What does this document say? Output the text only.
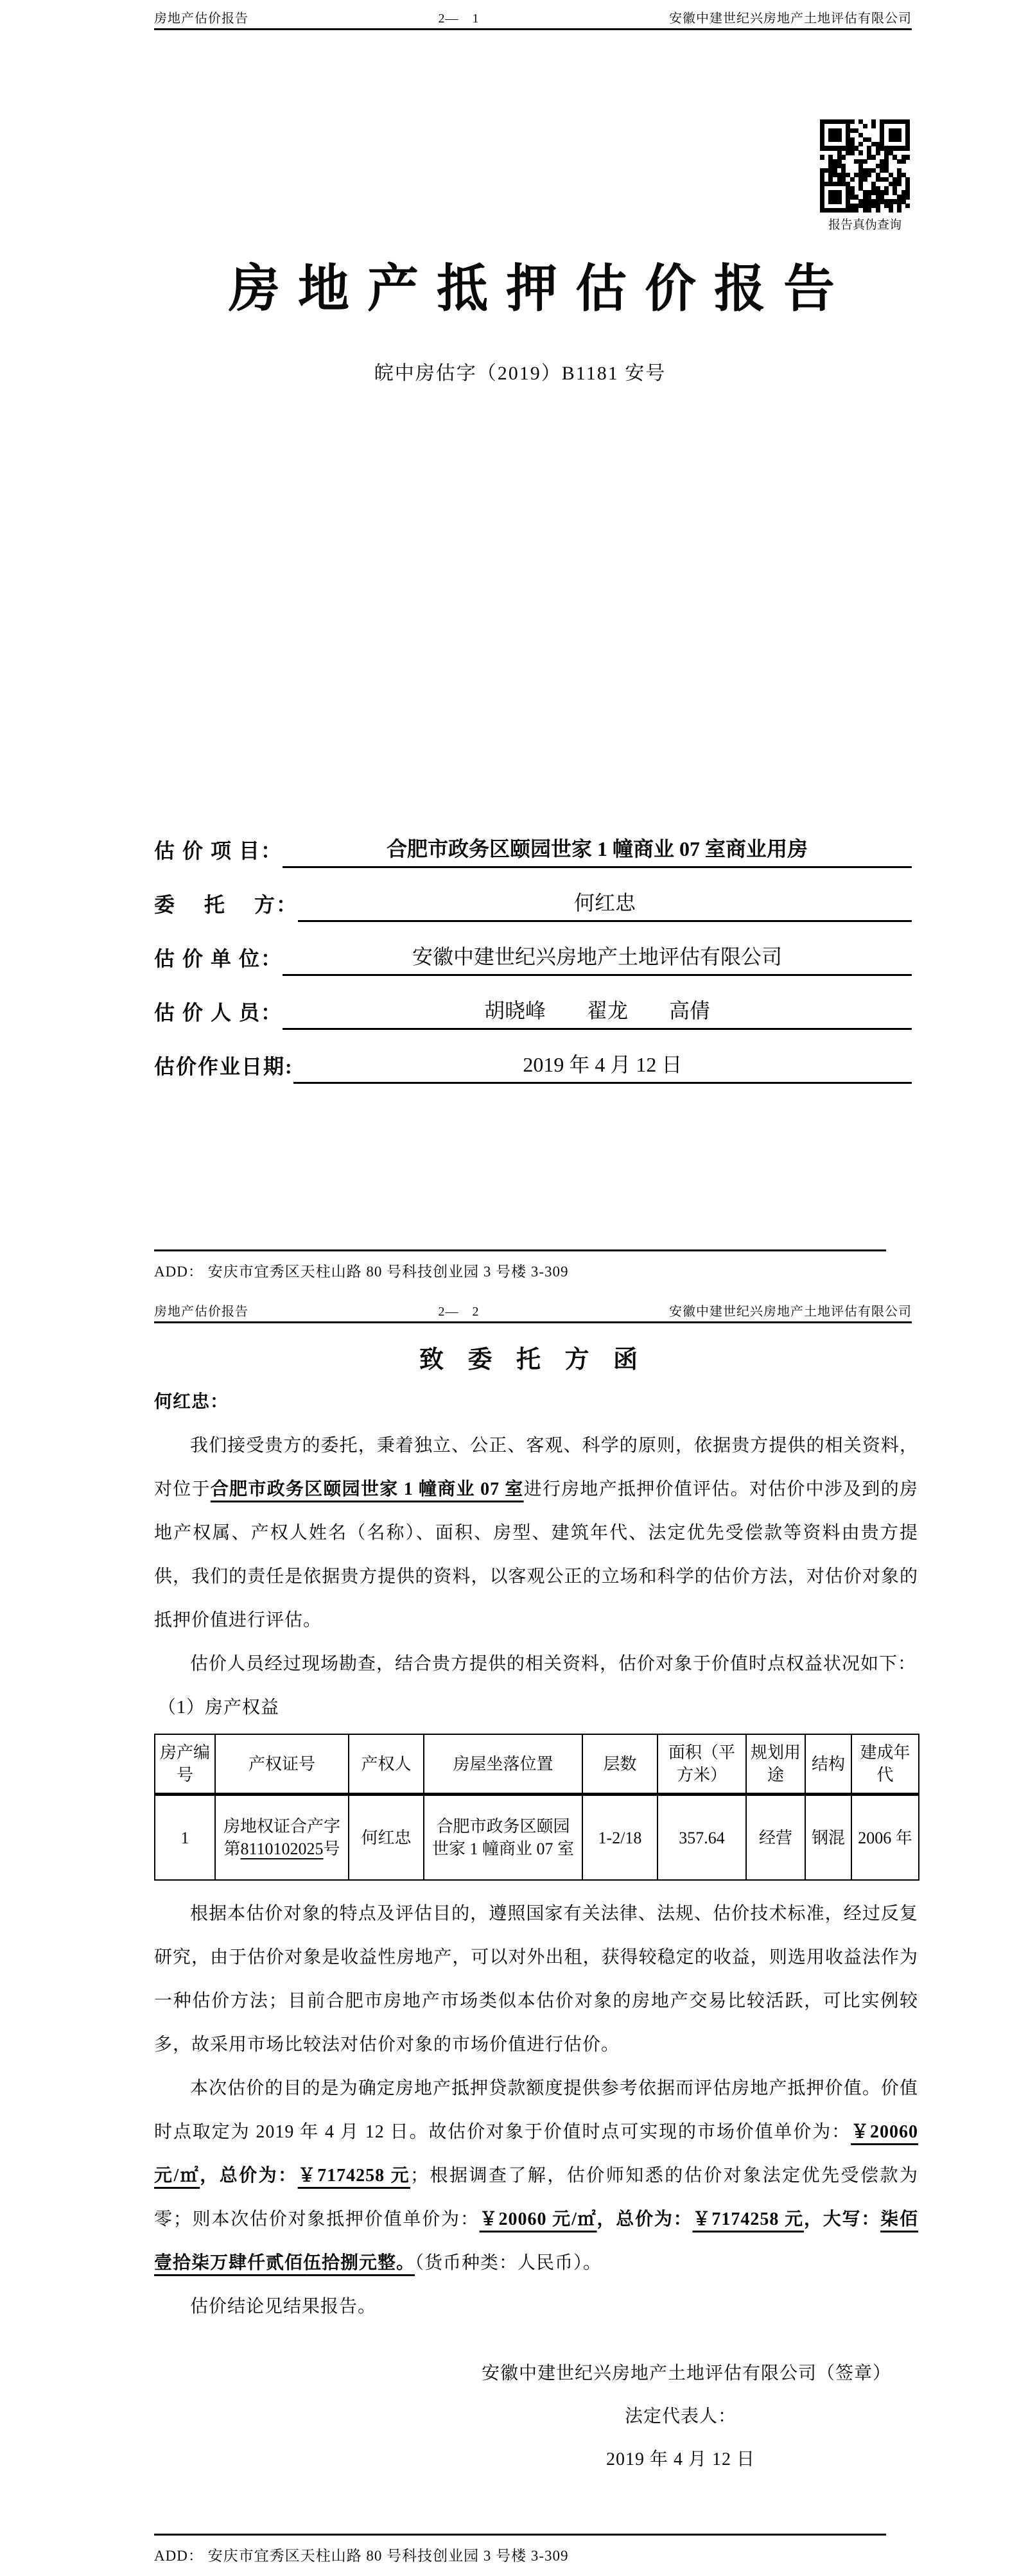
房地产估价报告	2—　1	安徽中建世纪兴房地产土地评估有限公司
报告真伪查询
房 地 产 抵 押 估 价 报 告
皖中房估字（2019）B1181 安号
估 价 项 目：	合肥市政务区颐园世家 1 幢商业 07 室商业用房
委　 托　 方：	何红忠
估 价 单 位：	安徽中建世纪兴房地产土地评估有限公司
估 价 人 员：	胡晓峰　　翟龙　　高倩
估价作业日期:	2019 年 4 月 12 日
ADD： 安庆市宜秀区天柱山路 80 号科技创业园 3 号楼 3-309
房地产估价报告	2—　2	安徽中建世纪兴房地产土地评估有限公司
致 委 托 方 函
何红忠：

我们接受贵方的委托，秉着独立、公正、客观、科学的原则，依据贵方提供的相关资料，对位于合肥市政务区颐园世家 1 幢商业 07 室进行房地产抵押价值评估。对估价中涉及到的房地产权属、产权人姓名（名称）、面积、房型、建筑年代、法定优先受偿款等资料由贵方提供，我们的责任是依据贵方提供的资料，以客观公正的立场和科学的估价方法，对估价对象的抵押价值进行评估。

估价人员经过现场勘查，结合贵方提供的相关资料，估价对象于价值时点权益状况如下：

（1）房产权益
房产编号	产权证号	产权人	房屋坐落位置	层数	面积（平方米）	规划用途	结构	建成年代
1	房地权证合产字第8110102025号	何红忠	合肥市政务区颐园世家 1 幢商业 07 室	1-2/18	357.64	经营	钢混	2006 年

根据本估价对象的特点及评估目的，遵照国家有关法律、法规、估价技术标准，经过反复研究，由于估价对象是收益性房地产，可以对外出租，获得较稳定的收益，则选用收益法作为一种估价方法；目前合肥市房地产市场类似本估价对象的房地产交易比较活跃，可比实例较多，故采用市场比较法对估价对象的市场价值进行估价。

本次估价的目的是为确定房地产抵押贷款额度提供参考依据而评估房地产抵押价值。价值时点取定为 2019 年 4 月 12 日。故估价对象于价值时点可实现的市场价值单价为：￥20060 元/㎡，总价为：￥7174258 元；根据调查了解，估价师知悉的估价对象法定优先受偿款为零；则本次估价对象抵押价值单价为：￥20060 元/㎡，总价为：￥7174258 元，大写：柒佰壹拾柒万肆仟贰佰伍拾捌元整。（货币种类：人民币）。

估价结论见结果报告。

安徽中建世纪兴房地产土地评估有限公司（签章）
法定代表人：
2019 年 4 月 12 日
ADD： 安庆市宜秀区天柱山路 80 号科技创业园 3 号楼 3-309
